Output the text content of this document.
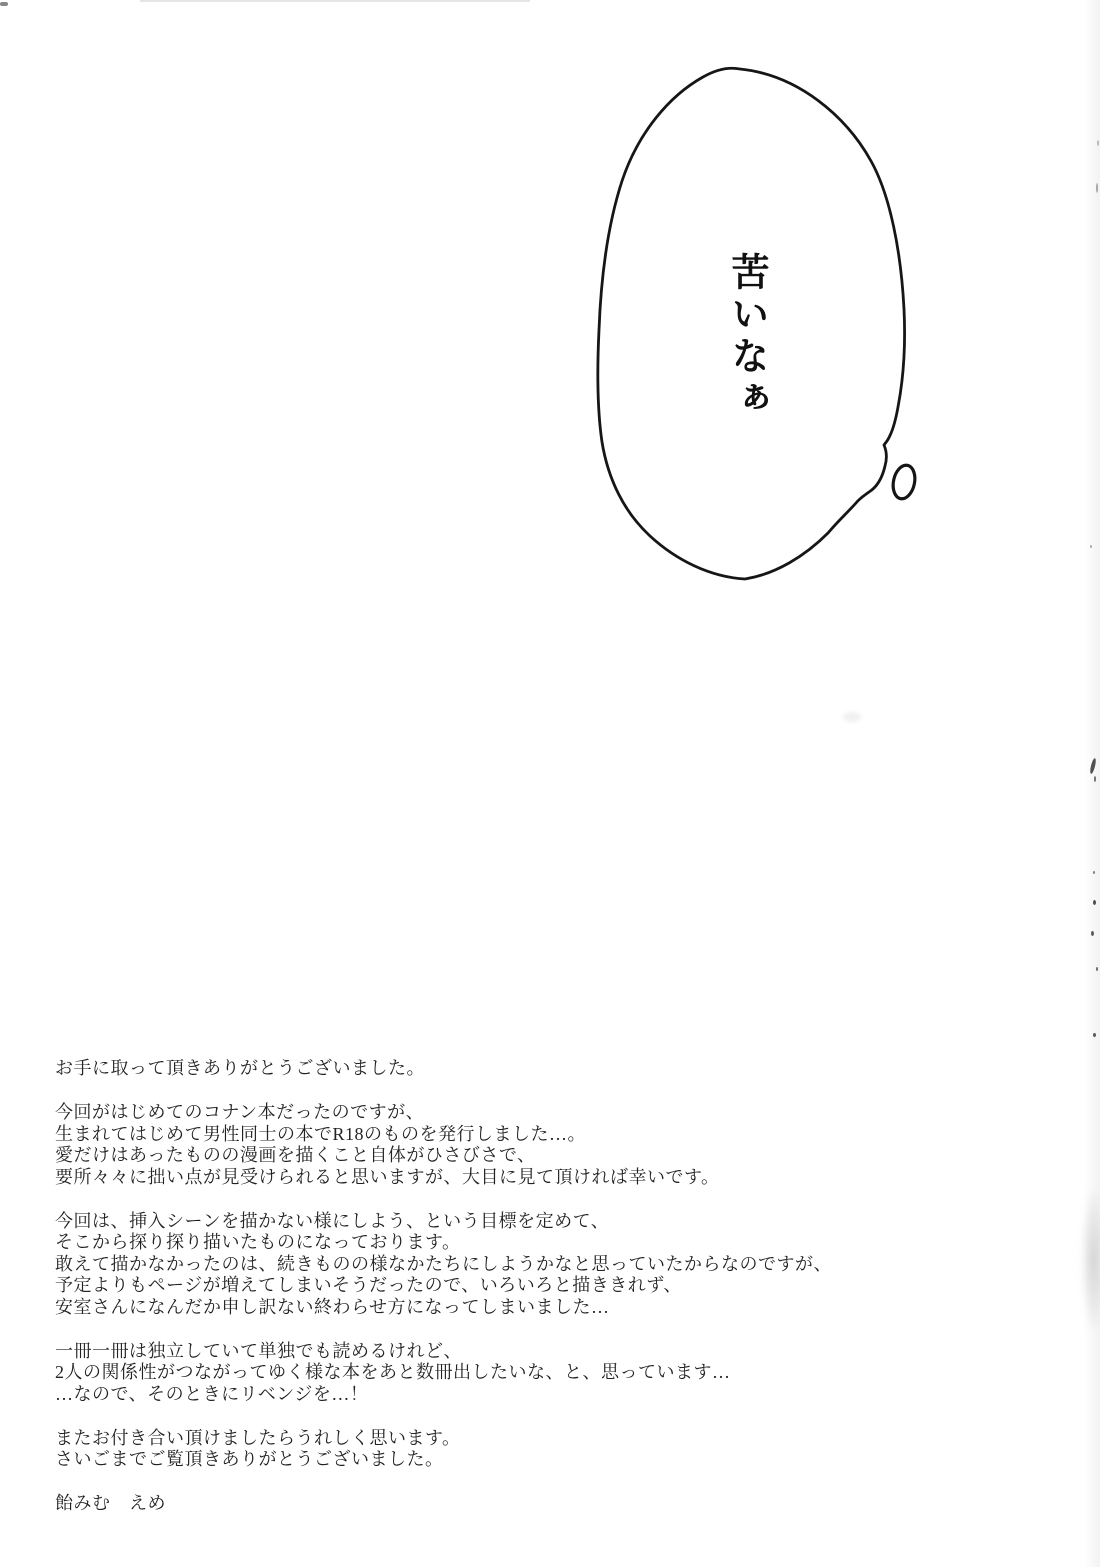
苦いなぁ

お手に取って頂きありがとうございました。

今回がはじめてのコナン本だったのですが、
生まれてはじめて男性同士の本でR18のものを発行しました…。
愛だけはあったものの漫画を描くこと自体がひさびさで、
要所々々に拙い点が見受けられると思いますが、大目に見て頂ければ幸いです。

今回は、挿入シーンを描かない様にしよう、という目標を定めて、
そこから探り探り描いたものになっております。
敢えて描かなかったのは、続きものの様なかたちにしようかなと思っていたからなのですが、
予定よりもページが増えてしまいそうだったので、いろいろと描ききれず、
安室さんになんだか申し訳ない終わらせ方になってしまいました…

一冊一冊は独立していて単独でも読めるけれど、
2人の関係性がつながってゆく様な本をあと数冊出したいな、と、思っています…
…なので、そのときにリベンジを…！

またお付き合い頂けましたらうれしく思います。
さいごまでご覧頂きありがとうございました。

飴みむ　えめ
